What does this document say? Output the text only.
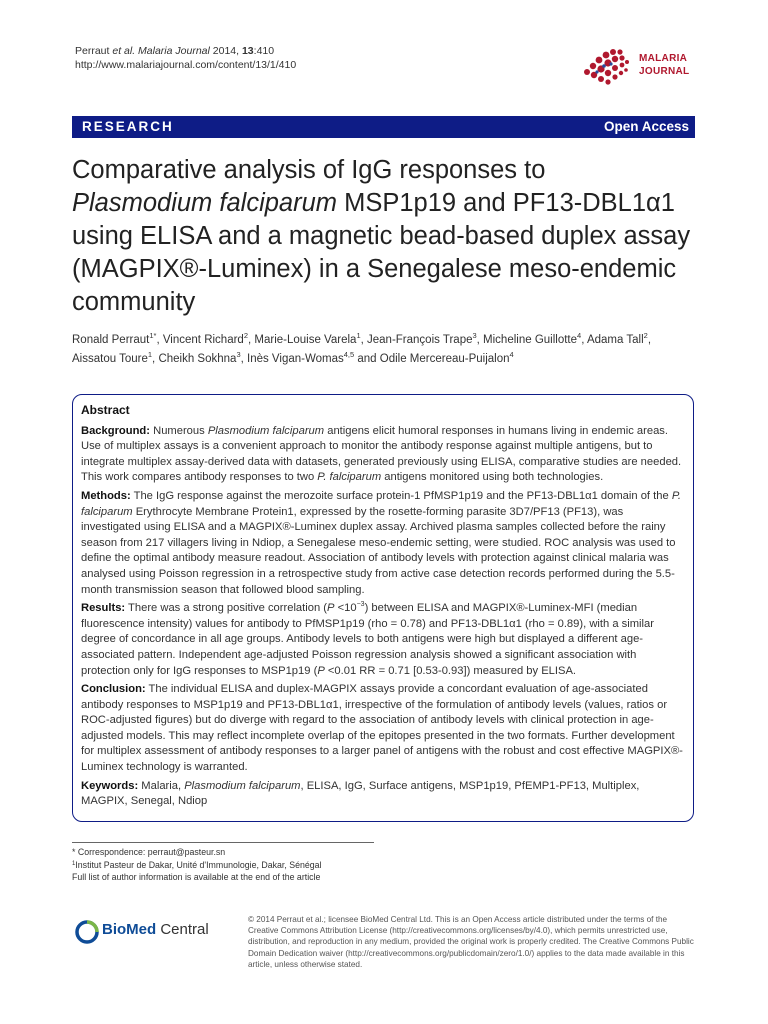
Perraut et al. Malaria Journal 2014, 13:410
http://www.malariajournal.com/content/13/1/410
MALARIA
JOURNAL
RESEARCH	Open Access
Comparative analysis of IgG responses to
Plasmodium falciparum MSP1p19 and PF13-DBL1α1 using ELISA and a magnetic bead-based duplex assay (MAGPIX®-Luminex) in a Senegalese meso-endemic community
Ronald Perraut$^{1*}$, Vincent Richard$^2$, Marie-Louise Varela$^1$, Jean-François Trape$^3$, Micheline Guillotte$^4$, Adama Tall$^2$, Aissatou Toure$^1$, Cheikh Sokhna$^3$, Inès Vigan-Womas$^{4,5}$ and Odile Mercereau-Puijalon$^4$
Abstract

Background: Numerous Plasmodium falciparum antigens elicit humoral responses in humans living in endemic areas. Use of multiplex assays is a convenient approach to monitor the antibody response against multiple antigens, but to integrate multiplex assay-derived data with datasets, generated previously using ELISA, comparative studies are needed. This work compares antibody responses to two P. falciparum antigens monitored using both technologies.

Methods: The IgG response against the merozoite surface protein-1 PfMSP1p19 and the PF13-DBL1α1 domain of the P. falciparum Erythrocyte Membrane Protein1, expressed by the rosette-forming parasite 3D7/PF13 (PF13), was investigated using ELISA and a MAGPIX®-Luminex duplex assay. Archived plasma samples collected before the rainy season from 217 villagers living in Ndiop, a Senegalese meso-endemic setting, were studied. ROC analysis was used to define the optimal antibody measure readout. Association of antibody levels with protection against clinical malaria was analysed using Poisson regression in a retrospective study from active case detection records performed during the 5.5-month transmission season that followed blood sampling.

Results: There was a strong positive correlation $(P <10^{-3})$ between ELISA and MAGPIX®-Luminex-MFI (median fluorescence intensity) values for antibody to PfMSP1p19 (rho = 0.78) and PF13-DBL1α1 (rho = 0.89), with a similar degree of concordance in all age groups. Antibody levels to both antigens were high but displayed a different age-associated pattern. Independent age-adjusted Poisson regression analysis showed a significant association with protection only for IgG responses to MSP1p19 (P <0.01 RR = 0.71 [0.53-0.93]) measured by ELISA.

Conclusion: The individual ELISA and duplex-MAGPIX assays provide a concordant evaluation of age-associated antibody responses to MSP1p19 and PF13-DBL1α1, irrespective of the formulation of antibody levels (values, ratios or ROC-adjusted figures) but do diverge with regard to the association of antibody levels with clinical protection in age-adjusted models. This may reflect incomplete overlap of the epitopes presented in the two formats. Further development for multiplex assessment of antibody responses to a larger panel of antigens with the robust and cost effective MAGPIX®-Luminex technology is warranted.

Keywords: Malaria, Plasmodium falciparum, ELISA, IgG, Surface antigens, MSP1p19, PfEMP1-PF13, Multiplex, MAGPIX, Senegal, Ndiop

* Correspondence: perraut@pasteur.sn
$^1$Institut Pasteur de Dakar, Unité d'Immunologie, Dakar, Sénégal
Full list of author information is available at the end of the article
BioMed Central
© 2014 Perraut et al.; licensee BioMed Central Ltd. This is an Open Access article distributed under the terms of the Creative Commons Attribution License (http://creativecommons.org/licenses/by/4.0), which permits unrestricted use, distribution, and reproduction in any medium, provided the original work is properly credited. The Creative Commons Public Domain Dedication waiver (http://creativecommons.org/publicdomain/zero/1.0/) applies to the data made available in this article, unless otherwise stated.
